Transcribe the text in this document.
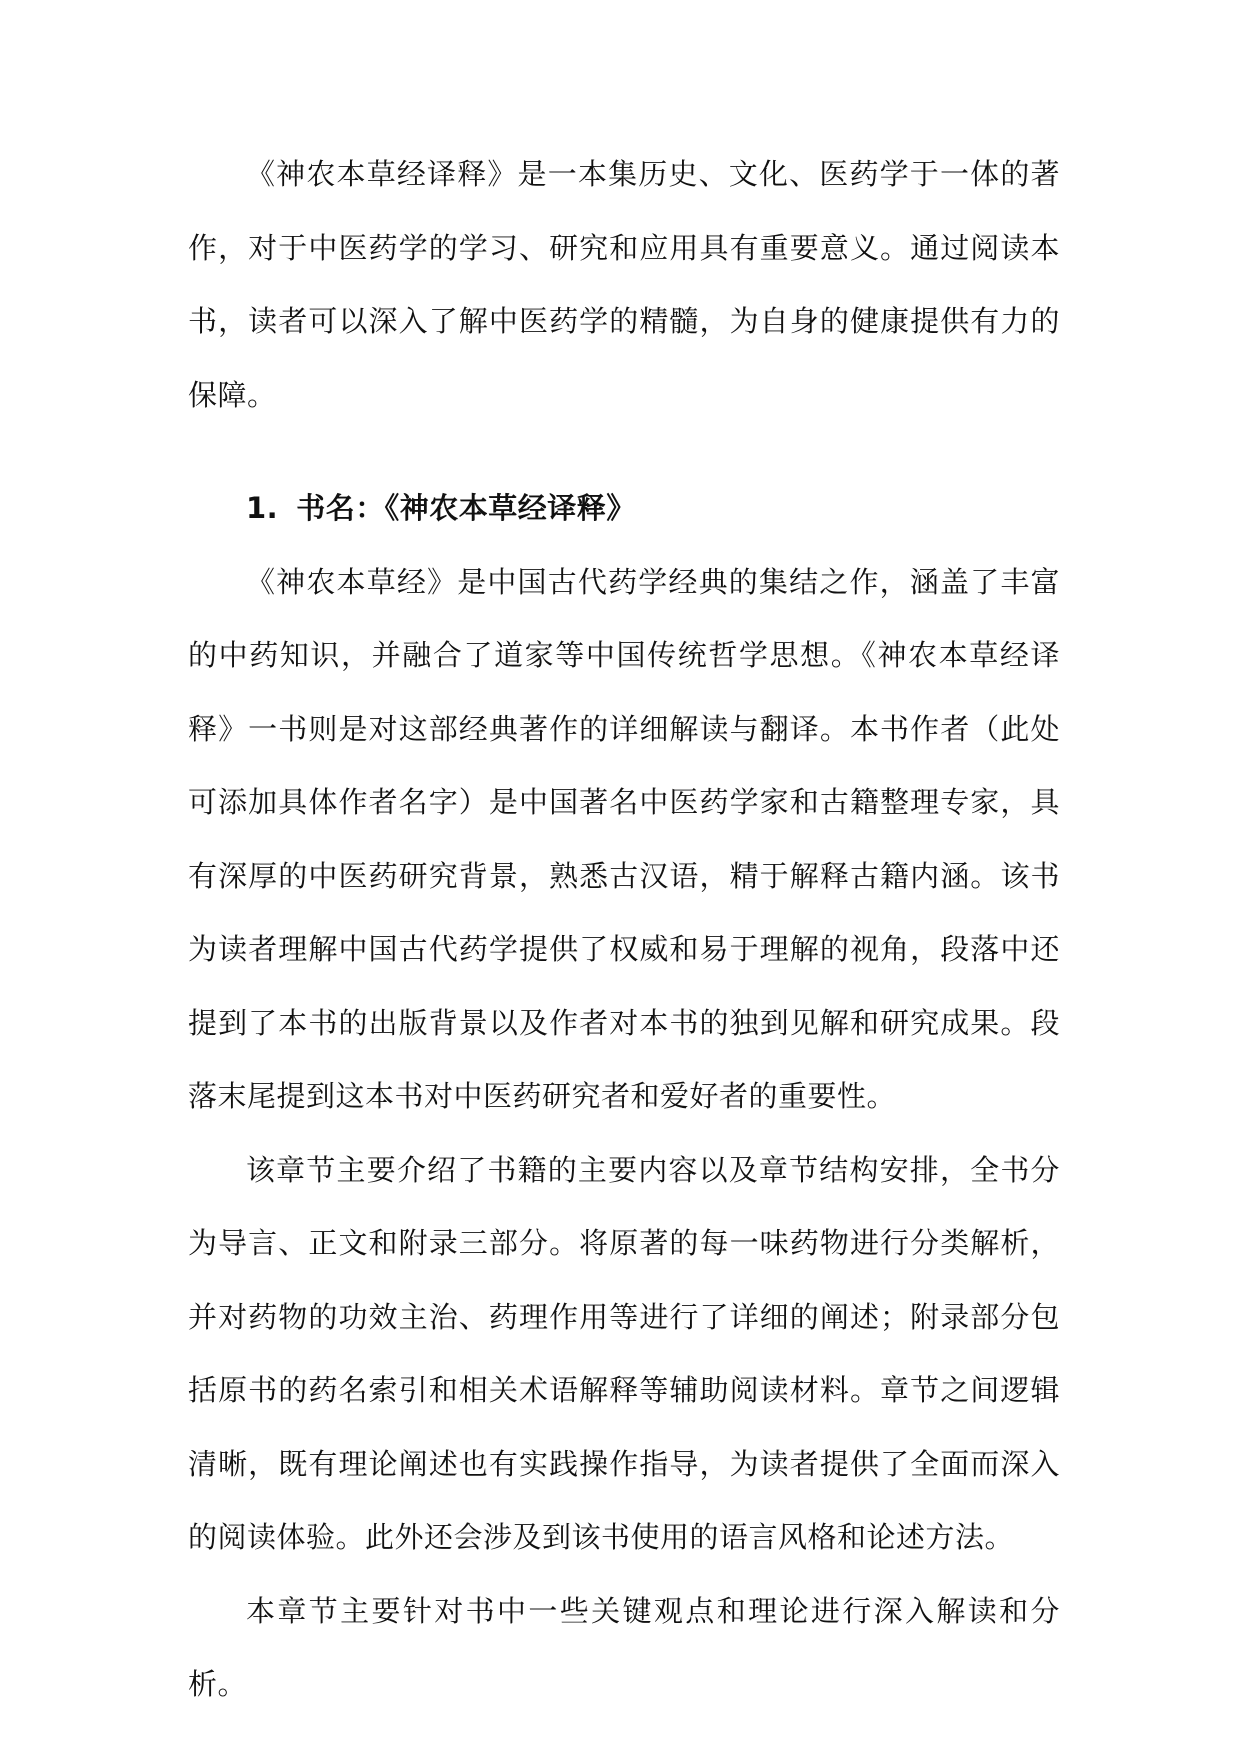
《神农本草经译释》是一本集历史、文化、医药学于一体的著作，对于中医药学的学习、研究和应用具有重要意义。通过阅读本书，读者可以深入了解中医药学的精髓，为自身的健康提供有力的保障。

1. 书名：《神农本草经译释》

《神农本草经》是中国古代药学经典的集结之作，涵盖了丰富的中药知识，并融合了道家等中国传统哲学思想。《神农本草经译释》一书则是对这部经典著作的详细解读与翻译。本书作者（此处可添加具体作者名字）是中国著名中医药学家和古籍整理专家，具有深厚的中医药研究背景，熟悉古汉语，精于解释古籍内涵。该书为读者理解中国古代药学提供了权威和易于理解的视角，段落中还提到了本书的出版背景以及作者对本书的独到见解和研究成果。段落末尾提到这本书对中医药研究者和爱好者的重要性。

该章节主要介绍了书籍的主要内容以及章节结构安排，全书分为导言、正文和附录三部分。将原著的每一味药物进行分类解析，并对药物的功效主治、药理作用等进行了详细的阐述；附录部分包括原书的药名索引和相关术语解释等辅助阅读材料。章节之间逻辑清晰，既有理论阐述也有实践操作指导，为读者提供了全面而深入的阅读体验。此外还会涉及到该书使用的语言风格和论述方法。

本章节主要针对书中一些关键观点和理论进行深入解读和分析。
